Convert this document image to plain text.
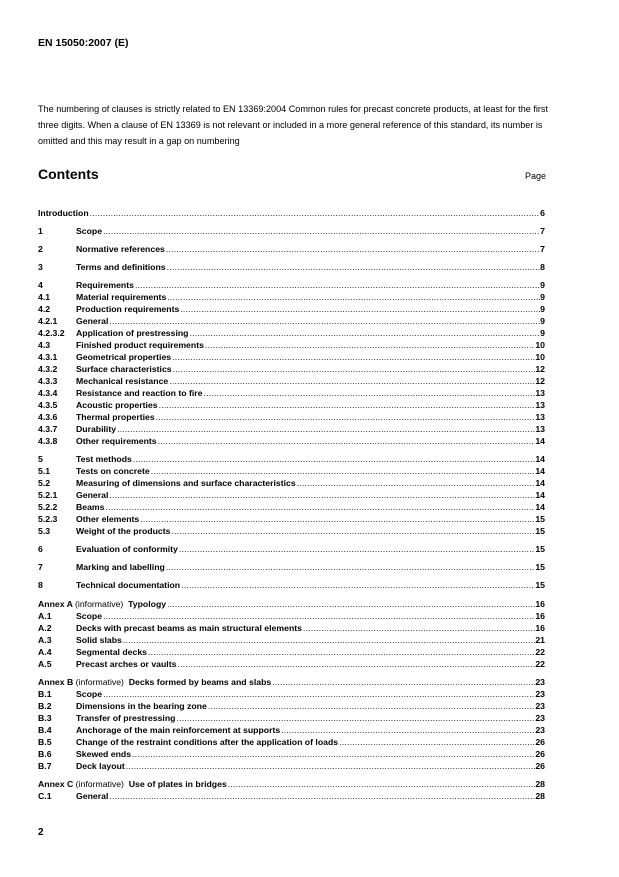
EN 15050:2007 (E)
The numbering of clauses is strictly related to EN 13369:2004 Common rules for precast concrete products, at least for the first three digits. When a clause of EN 13369 is not relevant or included in a more general reference of this standard, its number is omitted and this may result in a gap on numbering
Contents	Page
Introduction .....	6
1	Scope .....	7
2	Normative references .....	7
3	Terms and definitions .....	8
4	Requirements .....	9
4.1	Material requirements .....	9
4.2	Production requirements .....	9
4.2.1	General .....	9
4.2.3.2	Application of prestressing .....	9
4.3	Finished product requirements .....	10
4.3.1	Geometrical properties .....	10
4.3.2	Surface characteristics .....	12
4.3.3	Mechanical resistance .....	12
4.3.4	Resistance and reaction to fire .....	13
4.3.5	Acoustic properties .....	13
4.3.6	Thermal properties .....	13
4.3.7	Durability .....	13
4.3.8	Other requirements .....	14
5	Test methods .....	14
5.1	Tests on concrete .....	14
5.2	Measuring of dimensions and surface characteristics .....	14
5.2.1	General .....	14
5.2.2	Beams .....	14
5.2.3	Other elements .....	15
5.3	Weight of the products .....	15
6	Evaluation of conformity .....	15
7	Marking and labelling .....	15
8	Technical documentation .....	15
Annex A (informative) Typology .....	16
A.1	Scope .....	16
A.2	Decks with precast beams as main structural elements .....	16
A.3	Solid slabs .....	21
A.4	Segmental decks .....	22
A.5	Precast arches or vaults .....	22
Annex B (informative) Decks formed by beams and slabs .....	23
B.1	Scope .....	23
B.2	Dimensions in the bearing zone .....	23
B.3	Transfer of prestressing .....	23
B.4	Anchorage of the main reinforcement at supports .....	23
B.5	Change of the restraint conditions after the application of loads .....	26
B.6	Skewed ends .....	26
B.7	Deck layout .....	26
Annex C (informative) Use of plates in bridges .....	28
C.1	General .....	28
2
